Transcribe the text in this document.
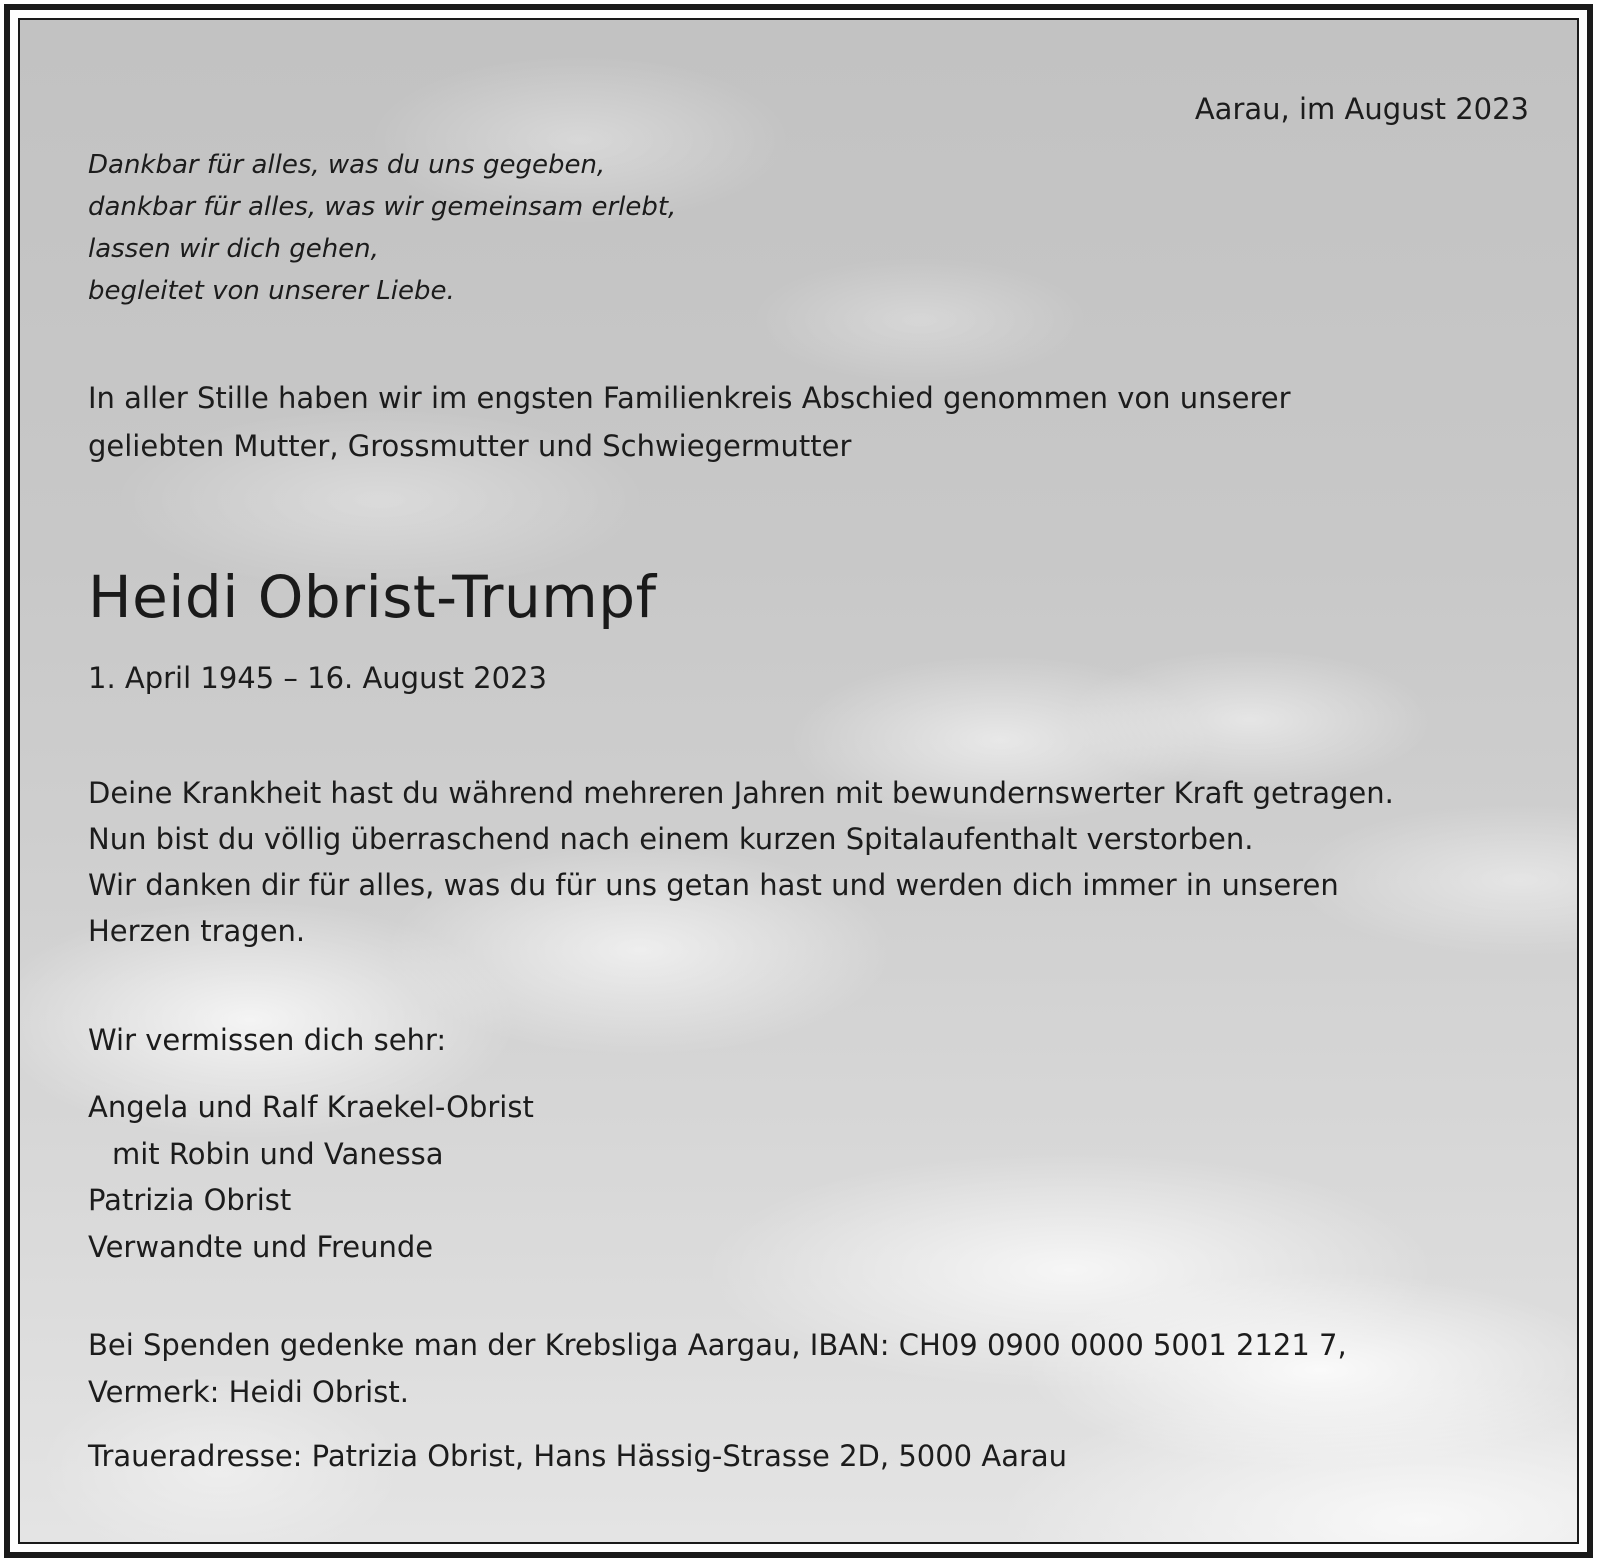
Aarau, im August 2023
Dankbar für alles, was du uns gegeben,
dankbar für alles, was wir gemeinsam erlebt,
lassen wir dich gehen,
begleitet von unserer Liebe.
In aller Stille haben wir im engsten Familienkreis Abschied genommen von unserer
geliebten Mutter, Grossmutter und Schwiegermutter
Heidi Obrist-Trumpf
1. April 1945 – 16. August 2023
Deine Krankheit hast du während mehreren Jahren mit bewundernswerter Kraft getragen.
Nun bist du völlig überraschend nach einem kurzen Spitalaufenthalt verstorben.
Wir danken dir für alles, was du für uns getan hast und werden dich immer in unseren
Herzen tragen.
Wir vermissen dich sehr:
Angela und Ralf Kraekel-Obrist
mit Robin und Vanessa
Patrizia Obrist
Verwandte und Freunde
Bei Spenden gedenke man der Krebsliga Aargau, IBAN: CH09 0900 0000 5001 2121 7,
Vermerk: Heidi Obrist.
Traueradresse: Patrizia Obrist, Hans Hässig-Strasse 2D, 5000 Aarau
